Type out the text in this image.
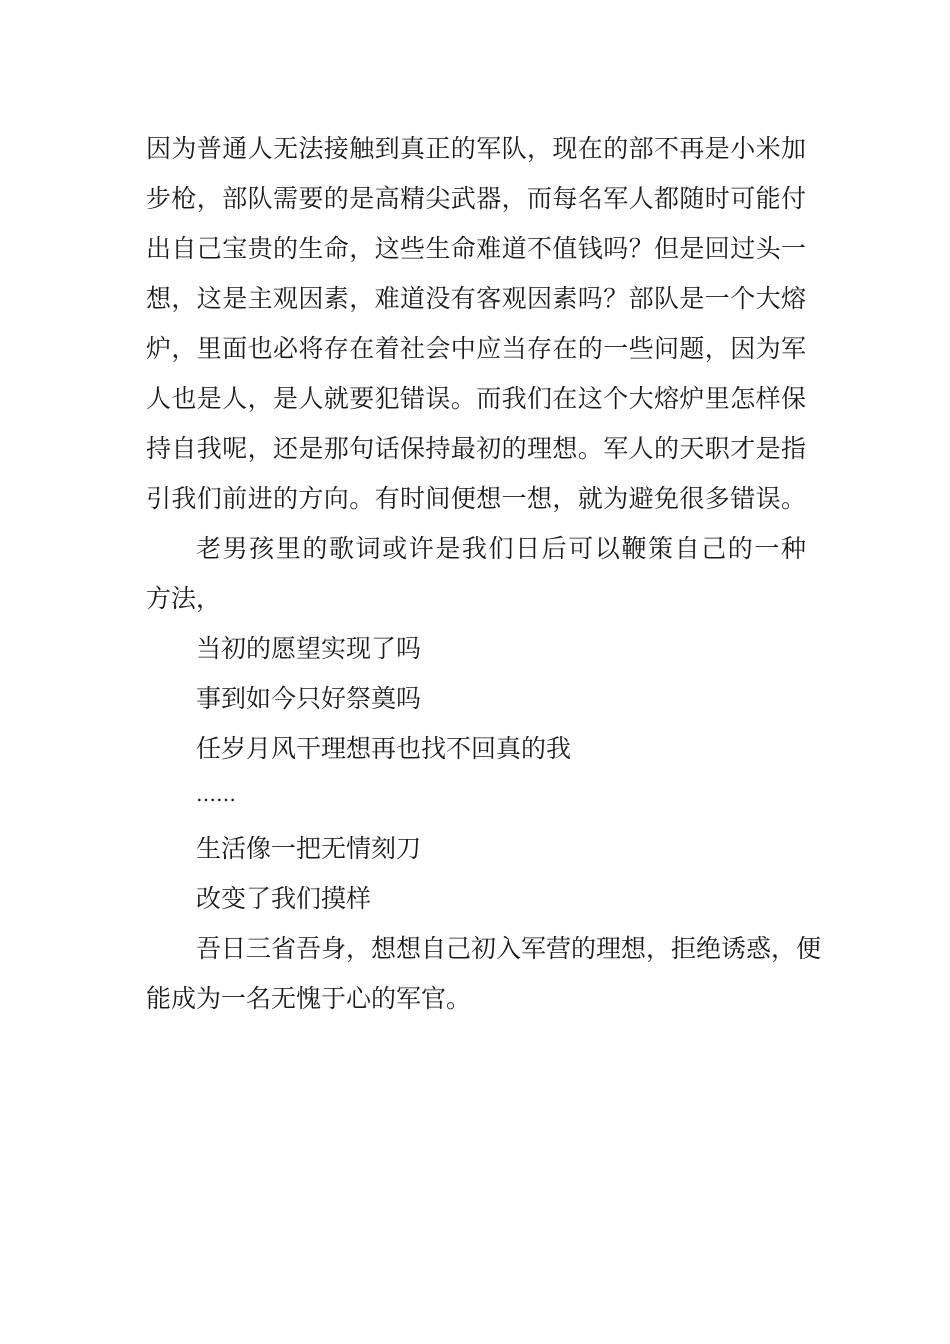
因为普通人无法接触到真正的军队，现在的部不再是小米加
步枪，部队需要的是高精尖武器，而每名军人都随时可能付
出自己宝贵的生命，这些生命难道不值钱吗？但是回过头一
想，这是主观因素，难道没有客观因素吗？部队是一个大熔
炉，里面也必将存在着社会中应当存在的一些问题，因为军
人也是人，是人就要犯错误。而我们在这个大熔炉里怎样保
持自我呢，还是那句话保持最初的理想。军人的天职才是指
引我们前进的方向。有时间便想一想，就为避免很多错误。
老男孩里的歌词或许是我们日后可以鞭策自己的一种
方法，
当初的愿望实现了吗
事到如今只好祭奠吗
任岁月风干理想再也找不回真的我
……
生活像一把无情刻刀
改变了我们摸样
吾日三省吾身，想想自己初入军营的理想，拒绝诱惑，便
能成为一名无愧于心的军官。
